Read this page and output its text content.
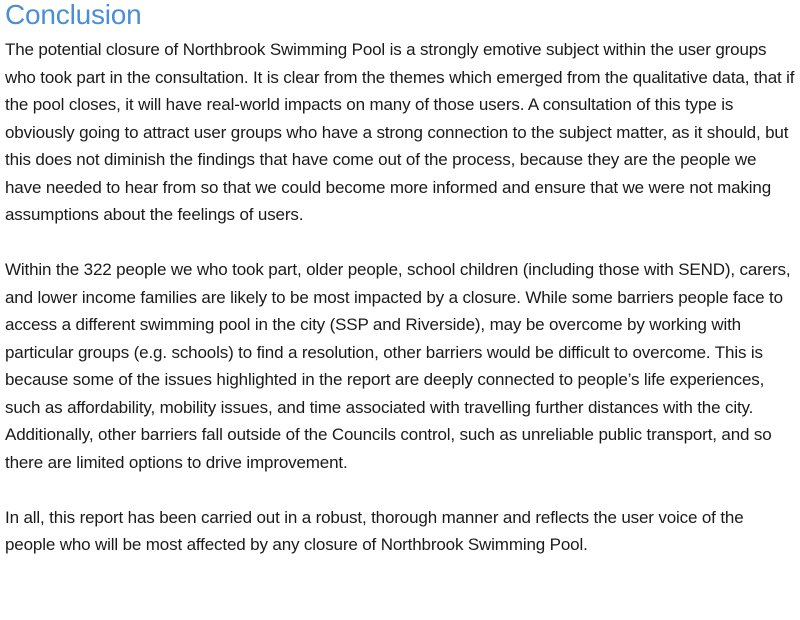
Conclusion

The potential closure of Northbrook Swimming Pool is a strongly emotive subject within the user groups who took part in the consultation. It is clear from the themes which emerged from the qualitative data, that if the pool closes, it will have real-world impacts on many of those users. A consultation of this type is obviously going to attract user groups who have a strong connection to the subject matter, as it should, but this does not diminish the findings that have come out of the process, because they are the people we have needed to hear from so that we could become more informed and ensure that we were not making assumptions about the feelings of users.

Within the 322 people we who took part, older people, school children (including those with SEND), carers, and lower income families are likely to be most impacted by a closure. While some barriers people face to access a different swimming pool in the city (SSP and Riverside), may be overcome by working with particular groups (e.g. schools) to find a resolution, other barriers would be difficult to overcome. This is because some of the issues highlighted in the report are deeply connected to people’s life experiences, such as affordability, mobility issues, and time associated with travelling further distances with the city. Additionally, other barriers fall outside of the Councils control, such as unreliable public transport, and so there are limited options to drive improvement.

In all, this report has been carried out in a robust, thorough manner and reflects the user voice of the people who will be most affected by any closure of Northbrook Swimming Pool.
